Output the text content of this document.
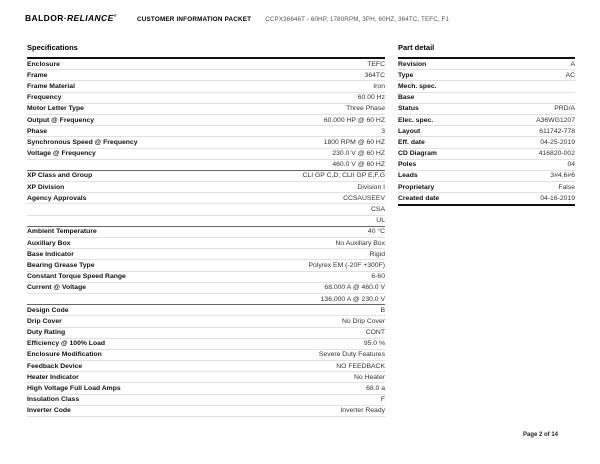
BALDOR·RELIANCE®
CUSTOMER INFORMATION PACKET CCPX36646T - 60HP, 1780RPM, 3PH, 60HZ, 364TC, TEFC, F1
Specifications
Enclosure	TEFC
Frame	364TC
Frame Material	Iron
Frequency	60.00 Hz
Motor Letter Type	Three Phase
Output @ Frequency	60.000 HP @ 60 HZ
Phase	3
Synchronous Speed @ Frequency	1800 RPM @ 60 HZ
Voltage @ Frequency	230.0 V @ 60 HZ
460.0 V @ 60 HZ
XP Class and Group	CLI GP C,D; CLII GP E,F,G
XP Division	Division I
Agency Approvals	CCSAUSEEV
CSA
UL
Ambient Temperature	40 °C
Auxillary Box	No Auxillary Box
Base Indicator	Rigid
Bearing Grease Type	Polyrex EM (-20F +300F)
Constant Torque Speed Range	6-60
Current @ Voltage	68.000 A @ 460.0 V
136.000 A @ 230.0 V
Design Code	B
Drip Cover	No Drip Cover
Duty Rating	CONT
Efficiency @ 100% Load	95.0 %
Enclosure Modification	Severe Duty Features
Feedback Device	NO FEEDBACK
Heater Indicator	No Heater
High Voltage Full Load Amps	68.0 a
Insulation Class	F
Inverter Code	Inverter Ready
Part detail
Revision	A
Type	AC
Mech. spec.
Base
Status	PRD/A
Elec. spec.	A36WG1207
Layout	611742-778
Eff. date	04-25-2019
CD Diagram	416820-002
Poles	04
Leads	3#4,6#6
Proprietary	False
Created date	04-16-2019
Page 2 of 14
